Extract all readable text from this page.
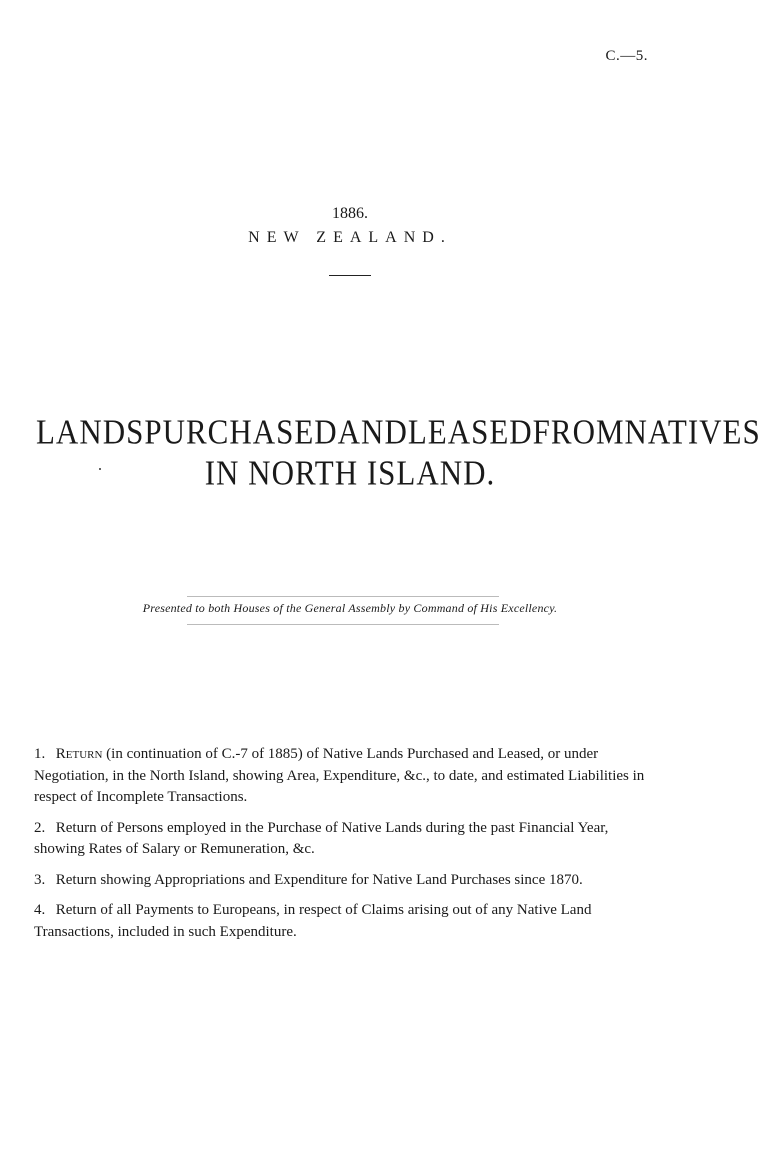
C.—5.
1886.
NEW ZEALAND.
LANDS PURCHASED AND LEASED FROM NATIVES
IN NORTH ISLAND.
Presented to both Houses of the General Assembly by Command of His Excellency.
1. Return (in continuation of C.-7 of 1885) of Native Lands Purchased and Leased, or under Negotiation, in the North Island, showing Area, Expenditure, &c., to date, and estimated Liabilities in respect of Incomplete Transactions.
2. Return of Persons employed in the Purchase of Native Lands during the past Financial Year, showing Rates of Salary or Remuneration, &c.
3. Return showing Appropriations and Expenditure for Native Land Purchases since 1870.
4. Return of all Payments to Europeans, in respect of Claims arising out of any Native Land Transactions, included in such Expenditure.
